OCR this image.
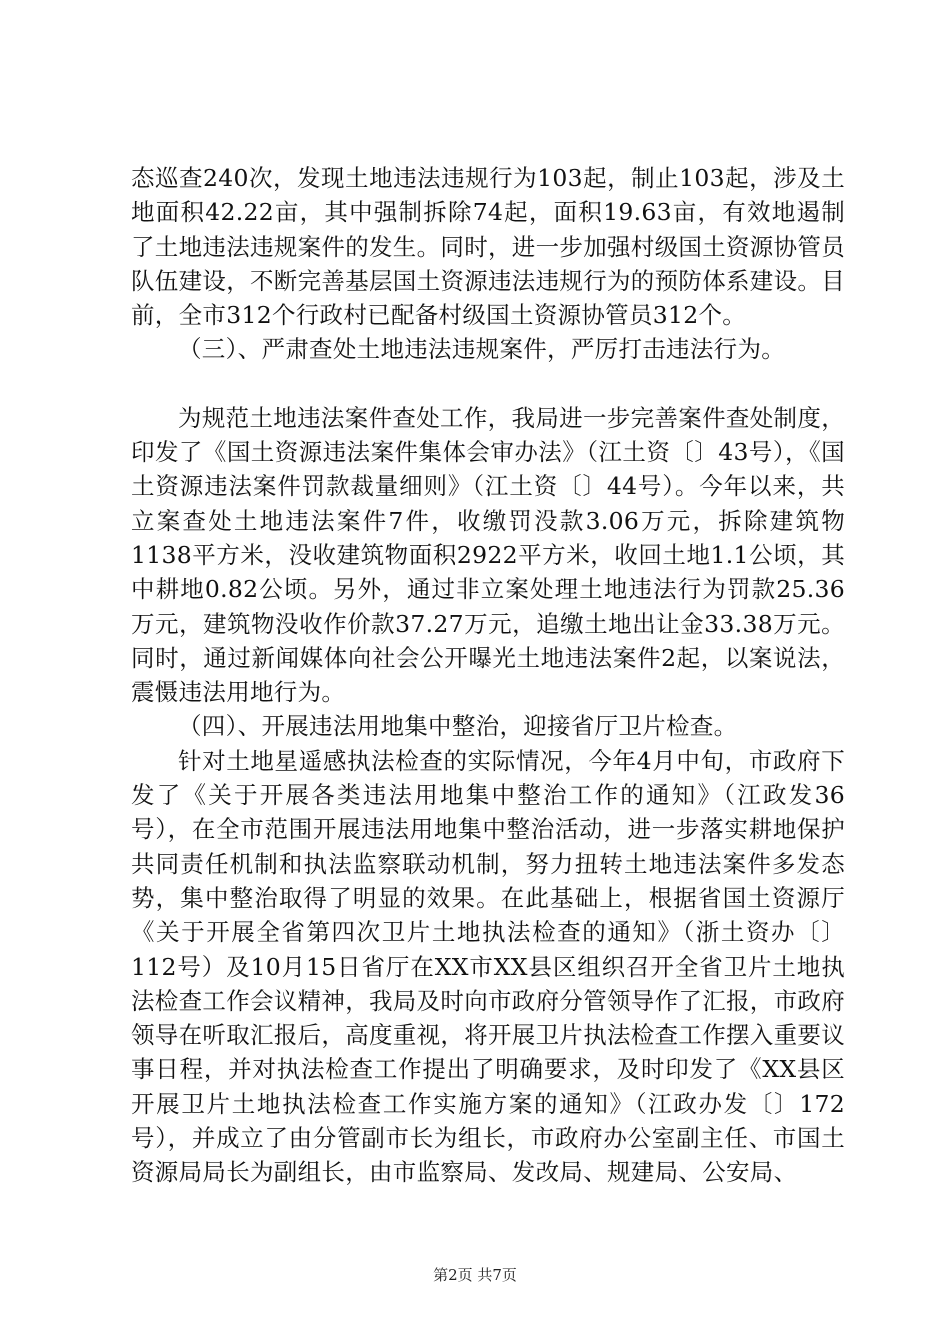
态巡查240次，发现土地违法违规行为103起，制止103起，涉及土地面积42.22亩，其中强制拆除74起，面积19.63亩，有效地遏制了土地违法违规案件的发生。同时，进一步加强村级国土资源协管员队伍建设，不断完善基层国土资源违法违规行为的预防体系建设。目前，全市312个行政村已配备村级国土资源协管员312个。

（三）、严肃查处土地违法违规案件，严厉打击违法行为。

为规范土地违法案件查处工作，我局进一步完善案件查处制度，印发了《国土资源违法案件集体会审办法》（江土资〔〕43号），《国土资源违法案件罚款裁量细则》（江土资〔〕44号）。今年以来，共立案查处土地违法案件7件，收缴罚没款3.06万元，拆除建筑物1138平方米，没收建筑物面积2922平方米，收回土地1.1公顷，其中耕地0.82公顷。另外，通过非立案处理土地违法行为罚款25.36万元，建筑物没收作价款37.27万元，追缴土地出让金33.38万元。同时，通过新闻媒体向社会公开曝光土地违法案件2起，以案说法，震慑违法用地行为。

（四）、开展违法用地集中整治，迎接省厅卫片检查。

针对土地星遥感执法检查的实际情况，今年4月中旬，市政府下发了《关于开展各类违法用地集中整治工作的通知》（江政发36号），在全市范围开展违法用地集中整治活动，进一步落实耕地保护共同责任机制和执法监察联动机制，努力扭转土地违法案件多发态势，集中整治取得了明显的效果。在此基础上，根据省国土资源厅《关于开展全省第四次卫片土地执法检查的通知》（浙土资办〔〕112号）及10月15日省厅在XX市XX县区组织召开全省卫片土地执法检查工作会议精神，我局及时向市政府分管领导作了汇报，市政府领导在听取汇报后，高度重视，将开展卫片执法检查工作摆入重要议事日程，并对执法检查工作提出了明确要求，及时印发了《XX县区开展卫片土地执法检查工作实施方案的通知》（江政办发〔〕172号），并成立了由分管副市长为组长，市政府办公室副主任、市国土资源局局长为副组长，由市监察局、发改局、规建局、公安局、

第2页 共7页
